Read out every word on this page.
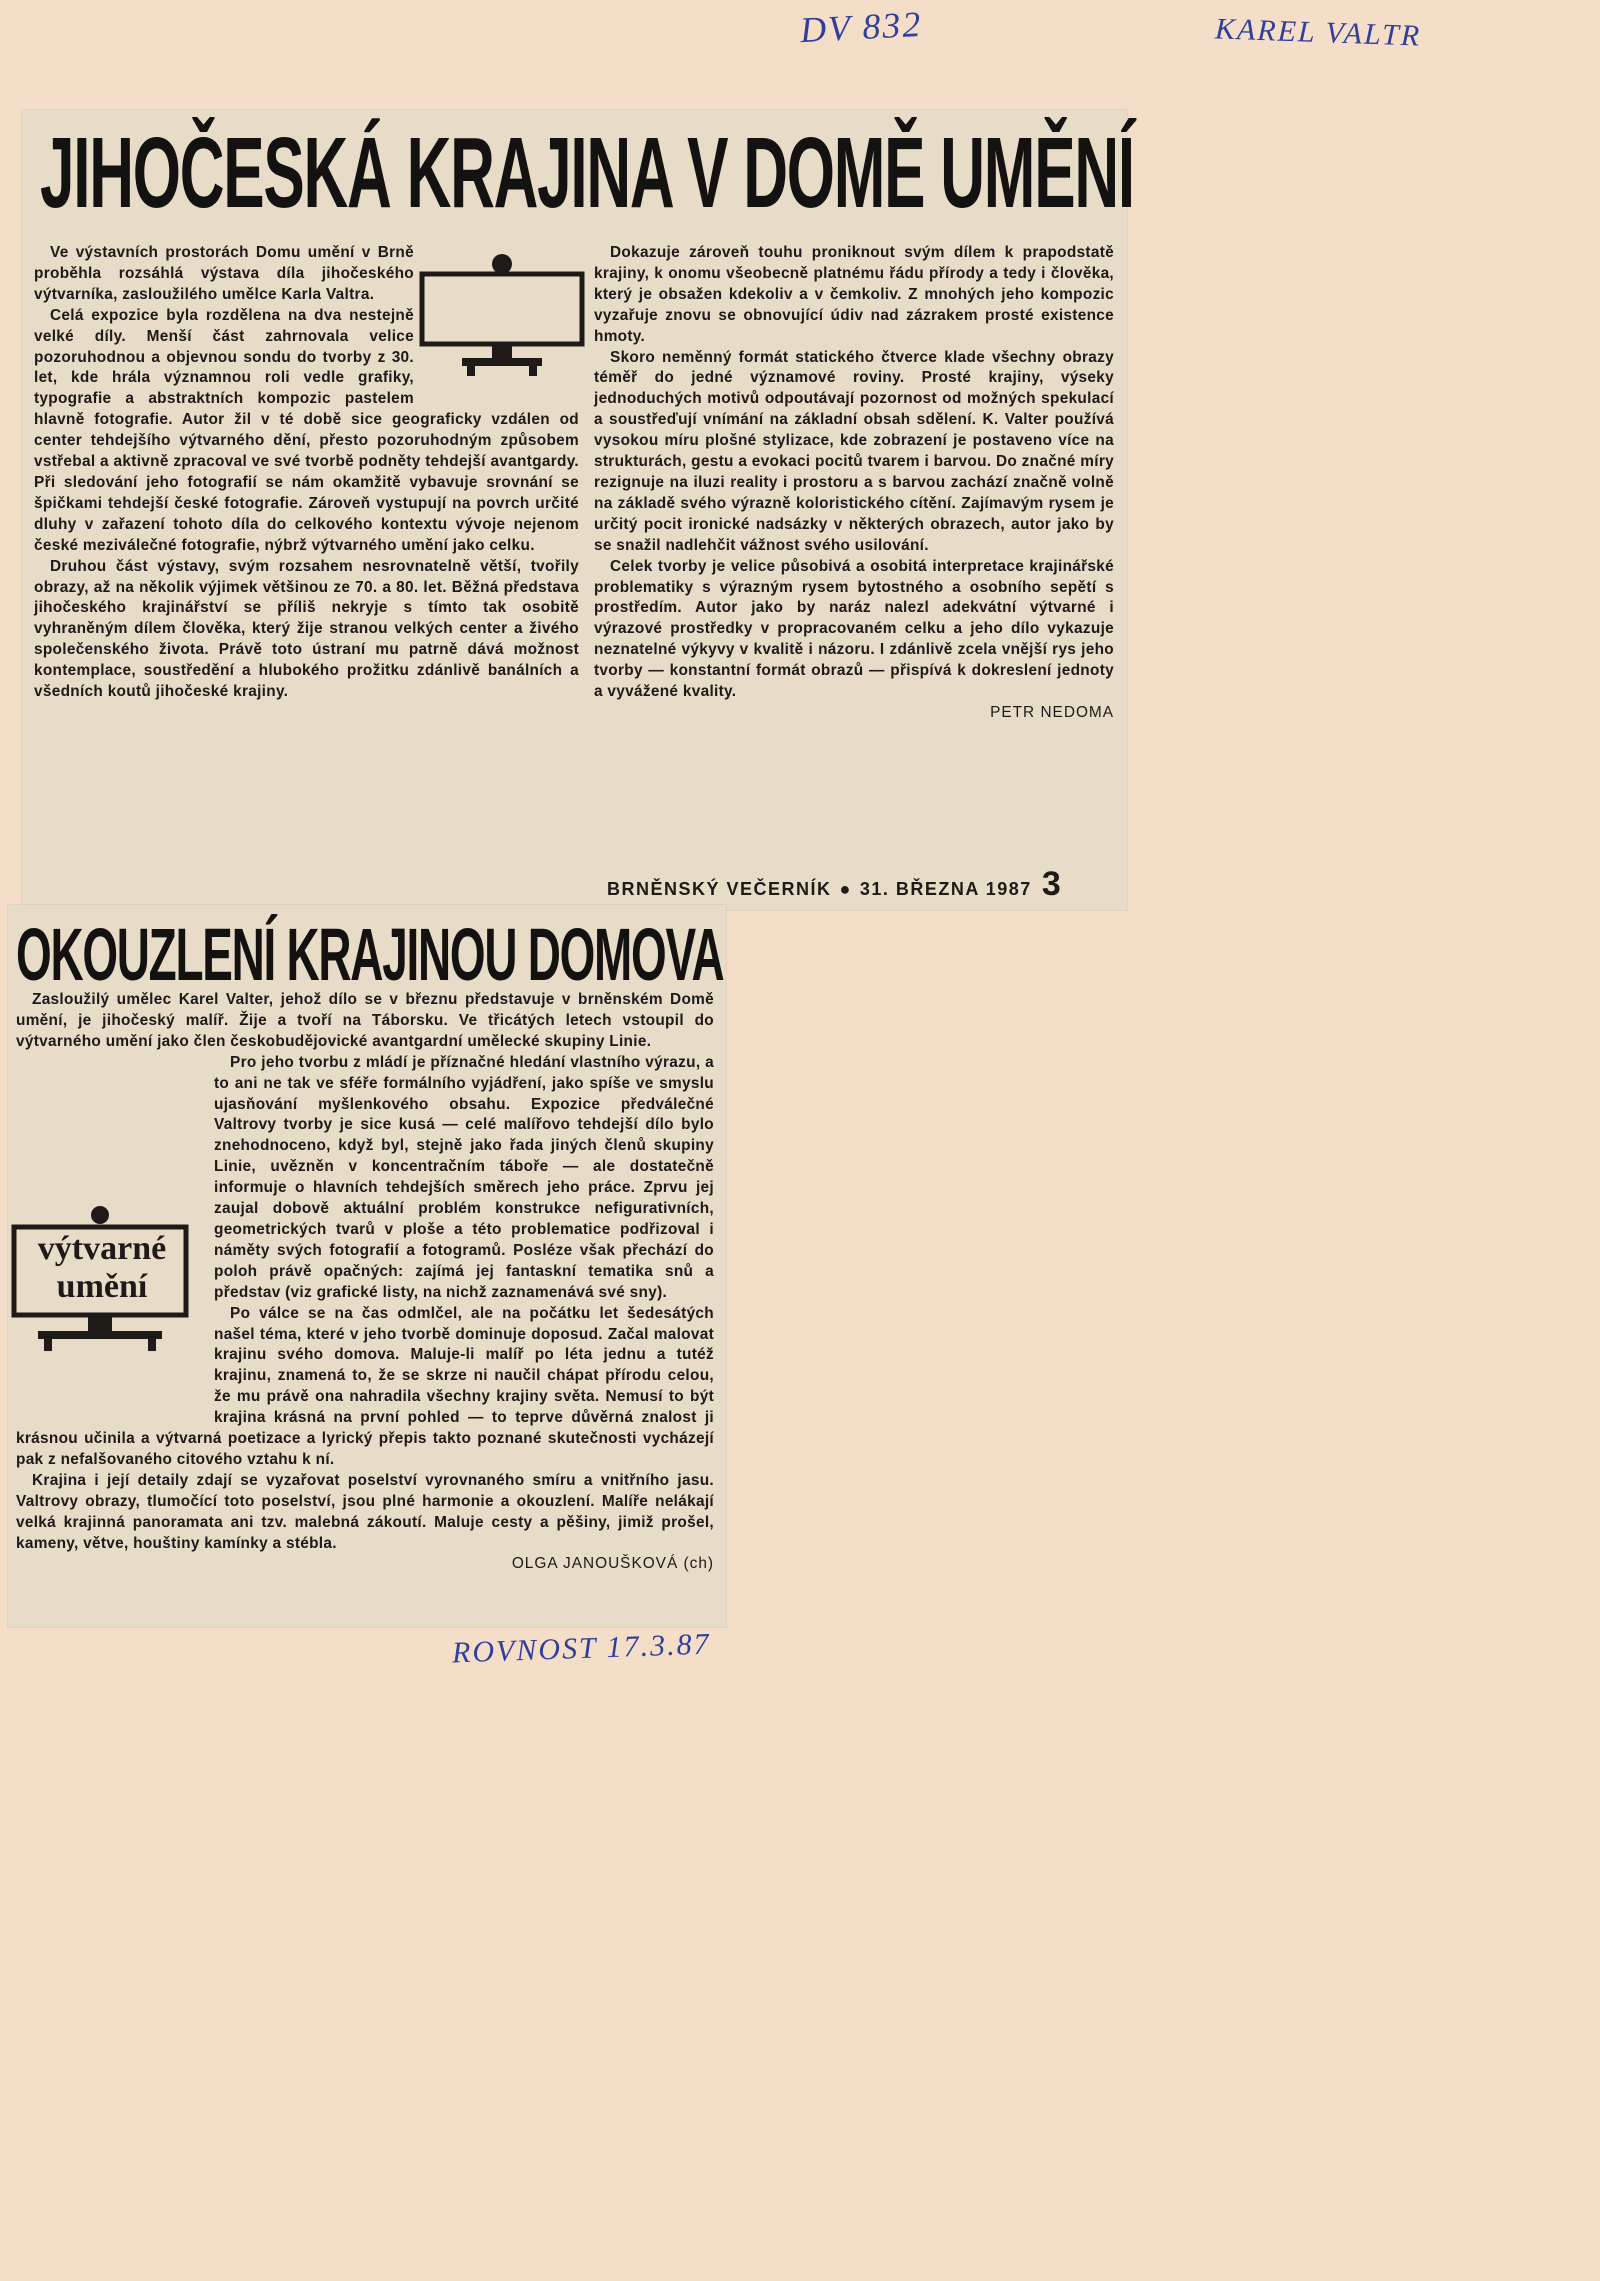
DV 832	KAREL VALTR
ROVNOST 17.3.87
JIHOČESKÁ KRAJINA V DOMĚ UMĚNÍ

Ve výstavních prostorách Domu umění v Brně proběhla rozsáhlá výstava díla jihočeského výtvarníka, zasloužilého umělce Karla Valtra.

Celá expozice byla rozdělena na dva nestejně velké díly. Menší část zahrnovala velice pozoruhodnou a objevnou sondu do tvorby z 30. let, kde hrála významnou roli vedle grafiky, typografie a abstraktních kompozic pastelem hlavně fotografie. Autor žil v té době sice geograficky vzdálen od center tehdejšího výtvarného dění, přesto pozoruhodným způsobem vstřebal a aktivně zpracoval ve své tvorbě podněty tehdejší avantgardy. Při sledování jeho fotografií se nám okamžitě vybavuje srovnání se špičkami tehdejší české fotografie. Zároveň vystupují na povrch určité dluhy v zařazení tohoto díla do celkového kontextu vývoje nejenom české meziválečné fotografie, nýbrž výtvarného umění jako celku.

Druhou část výstavy, svým rozsahem nesrovnatelně větší, tvořily obrazy, až na několik výjimek většinou ze 70. a 80. let. Běžná představa jihočeského krajinářství se příliš nekryje s tímto tak osobitě vyhraněným dílem člověka, který žije stranou velkých center a živého společenského života. Právě toto ústraní mu patrně dává možnost kontemplace, soustředění a hlubokého prožitku zdánlivě banálních a všedních koutů jihočeské krajiny.

Dokazuje zároveň touhu proniknout svým dílem k prapodstatě krajiny, k onomu všeobecně platnému řádu přírody a tedy i člověka, který je obsažen kdekoliv a v čemkoliv. Z mnohých jeho kompozic vyzařuje znovu se obnovující údiv nad zázrakem prosté existence hmoty.

Skoro neměnný formát statického čtverce klade všechny obrazy téměř do jedné významové roviny. Prosté krajiny, výseky jednoduchých motivů odpoutávají pozornost od možných spekulací a soustřeďují vnímání na základní obsah sdělení. K. Valter používá vysokou míru plošné stylizace, kde zobrazení je postaveno více na strukturách, gestu a evokaci pocitů tvarem i barvou. Do značné míry rezignuje na iluzi reality i prostoru a s barvou zachází značně volně na základě svého výrazně koloristického cítění. Zajímavým rysem je určitý pocit ironické nadsázky v některých obrazech, autor jako by se snažil nadlehčit vážnost svého usilování.

Celek tvorby je velice působivá a osobitá interpretace krajinářské problematiky s výrazným rysem bytostného a osobního sepětí s prostředím. Autor jako by naráz nalezl adekvátní výtvarné i výrazové prostředky v propracovaném celku a jeho dílo vykazuje neznatelné výkyvy v kvalitě i názoru. I zdánlivě zcela vnější rys jeho tvorby — konstantní formát obrazů — přispívá k dokreslení jednoty a vyvážené kvality.

PETR NEDOMA

BRNĚNSKÝ VEČERNÍK ● 31. BŘEZNA 1987 3
OKOUZLENÍ KRAJINOU DOMOVA
výtvarné
umění

Zasloužilý umělec Karel Valter, jehož dílo se v březnu představuje v brněnském Domě umění, je jihočeský malíř. Žije a tvoří na Táborsku. Ve třicátých letech vstoupil do výtvarného umění jako člen českobudějovické avantgardní umělecké skupiny Linie.

Pro jeho tvorbu z mládí je příznačné hledání vlastního výrazu, a to ani ne tak ve sféře formálního vyjádření, jako spíše ve smyslu ujasňování myšlenkového obsahu. Expozice předválečné Valtrovy tvorby je sice kusá — celé malířovo tehdejší dílo bylo znehodnoceno, když byl, stejně jako řada jiných členů skupiny Linie, uvězněn v koncentračním táboře — ale dostatečně informuje o hlavních tehdejších směrech jeho práce. Zprvu jej zaujal dobově aktuální problém konstrukce nefigurativních, geometrických tvarů v ploše a této problematice podřizoval i náměty svých fotografií a fotogramů. Posléze však přechází do poloh právě opačných: zajímá jej fantaskní tematika snů a představ (viz grafické listy, na nichž zaznamenává své sny).

Po válce se na čas odmlčel, ale na počátku let šedesátých našel téma, které v jeho tvorbě dominuje doposud. Začal malovat krajinu svého domova. Maluje-li malíř po léta jednu a tutéž krajinu, znamená to, že se skrze ni naučil chápat přírodu celou, že mu právě ona nahradila všechny krajiny světa. Nemusí to být krajina krásná na první pohled — to teprve důvěrná znalost ji krásnou učinila a výtvarná poetizace a lyrický přepis takto poznané skutečnosti vycházejí pak z nefalšovaného citového vztahu k ní.

Krajina i její detaily zdají se vyzařovat poselství vyrovnaného smíru a vnitřního jasu. Valtrovy obrazy, tlumočící toto poselství, jsou plné harmonie a okouzlení. Malíře nelákají velká krajinná panoramata ani tzv. malebná zákoutí. Maluje cesty a pěšiny, jimiž prošel, kameny, větve, houštiny kamínky a stébla.

OLGA JANOUŠKOVÁ (ch)
